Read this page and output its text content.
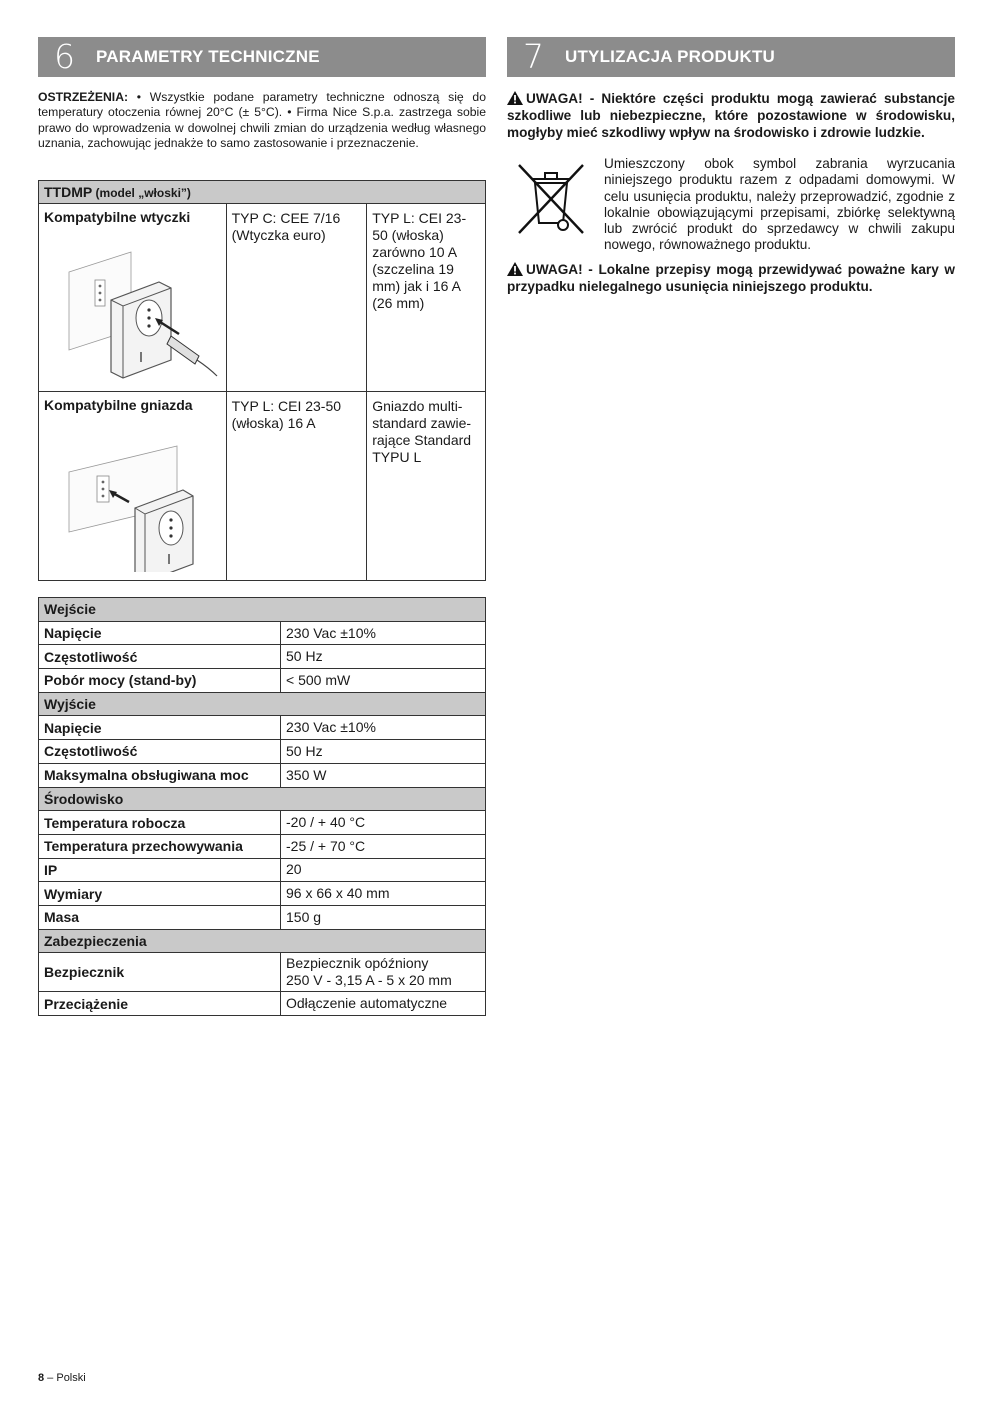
6	PARAMETRY TECHNICZNE	7	UTYLIZACJA PRODUKTU

OSTRZEŻENIA: • Wszystkie podane parametry techniczne odnoszą się do temperatury otoczenia równej 20°C (± 5°C). • Firma Nice S.p.a. zastrzega sobie prawo do wprowadzenia w dowolnej chwili zmian do urządzenia według własnego uznania, zachowując jednakże to samo zastosowanie i przeznaczenie.

TTDMP (model „włoski”)		

Kompatybilne wtyczki	TYP C: CEE 7/16 (Wtyczka euro)	TYP L: CEI 23-50 (włoska) zarówno 10 A (szczelina 19 mm) jak i 16 A (26 mm)

Kompatybilne gniazda	TYP L: CEI 23-50 (włoska) 16 A	Gniazdo multi-standard zawie-rające Standard TYPU L
Wejście	
Napięcie	230 Vac ±10%
Częstotliwość	50 Hz
Pobór mocy (stand-by)	< 500 mW
Wyjście	
Napięcie	230 Vac ±10%
Częstotliwość	50 Hz
Maksymalna obsługiwana moc	350 W
Środowisko	
Temperatura robocza	-20 / + 40 °C
Temperatura przechowywania	-25 / + 70 °C
IP	20
Wymiary	96 x 66 x 40 mm
Masa	150 g
Zabezpieczenia	
Bezpiecznik	Bezpiecznik opóźniony
250 V - 3,15 A - 5 x 20 mm

Przeciążenie	Odłączenie automatyczne

UWAGA! - Niektóre części produktu mogą zawierać substancje szkodliwe lub niebezpieczne, które pozostawione w środowisku, mogłyby mieć szkodliwy wpływ na środowisko i zdrowie ludzkie.

Umieszczony obok symbol zabrania wyrzucania niniejszego produktu razem z odpadami domowymi. W celu usunięcia produktu, należy przeprowadzić, zgodnie z lokalnie obowiązującymi przepisami, zbiórkę selektywną lub zwrócić produkt do sprzedawcy w chwili zakupu nowego, równoważnego produktu.

UWAGA! - Lokalne przepisy mogą przewidywać poważne kary w przypadku nielegalnego usunięcia niniejszego produktu.

8 – Polski
